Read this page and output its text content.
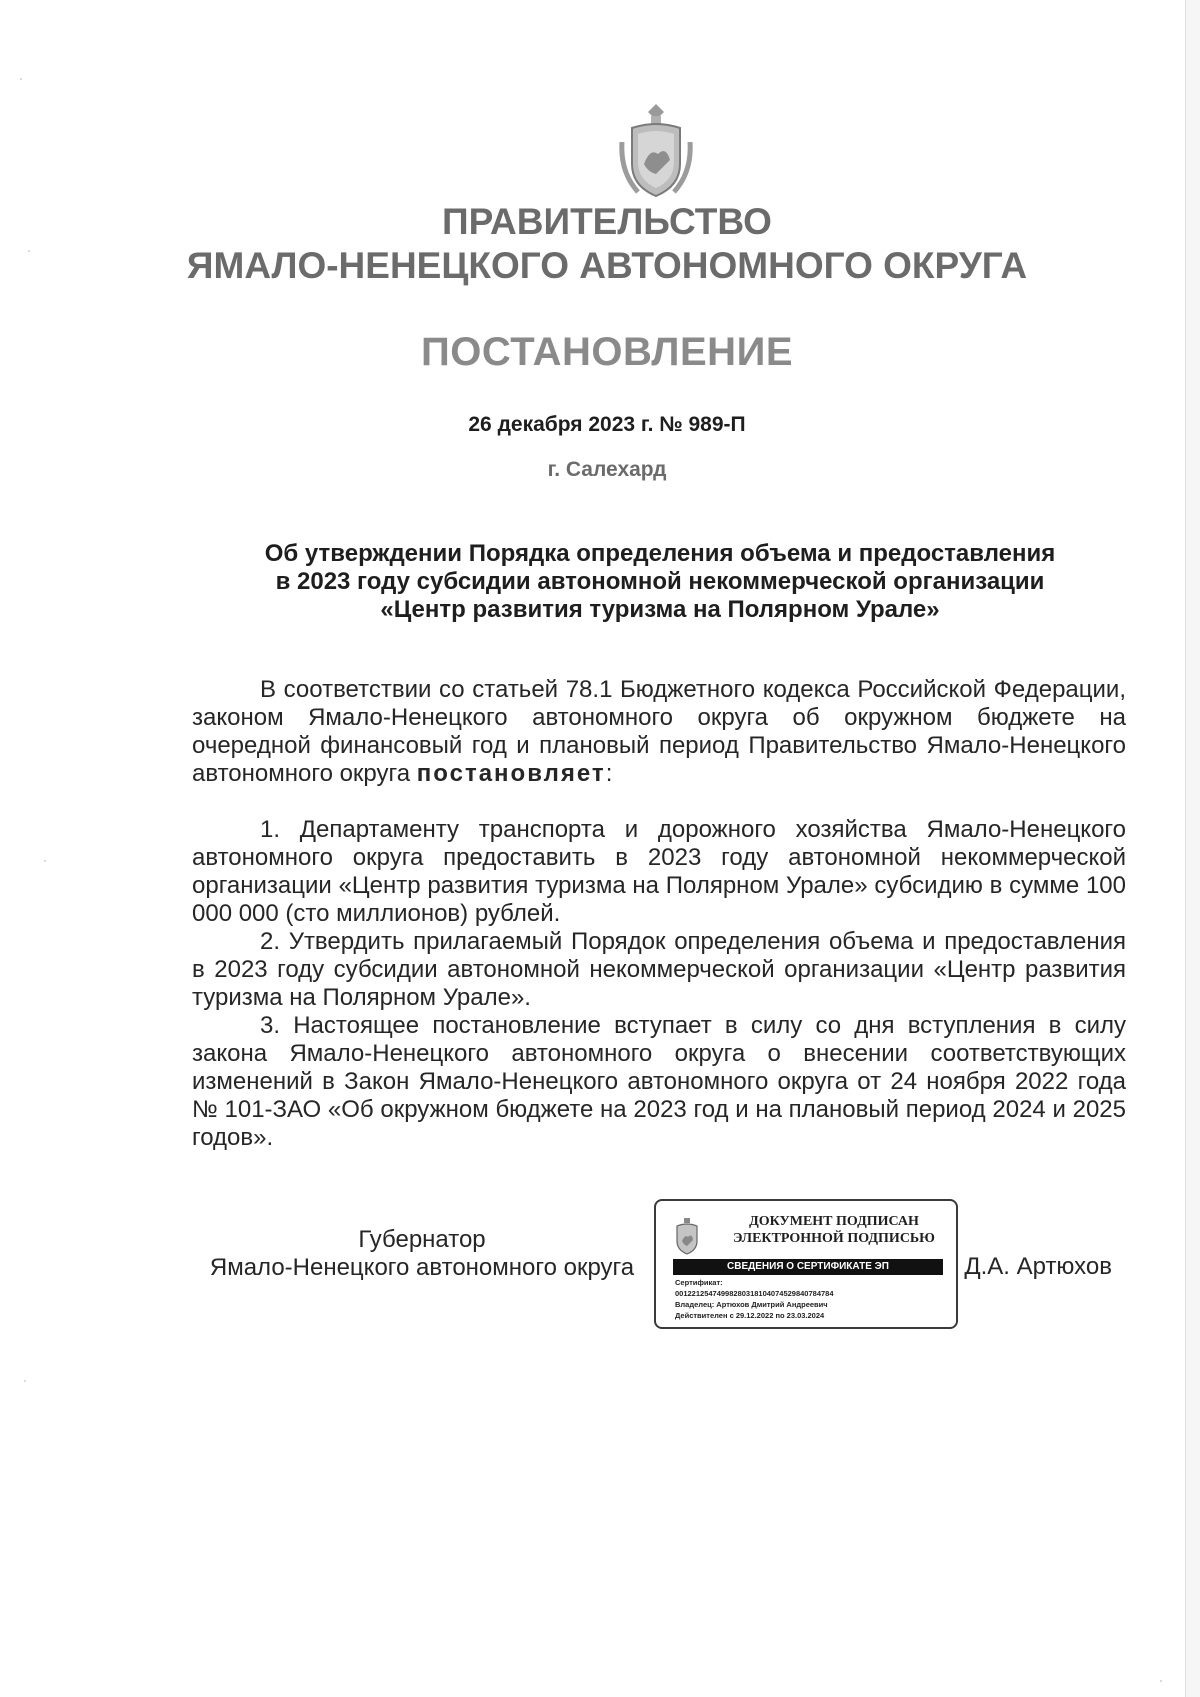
ПРАВИТЕЛЬСТВО
ЯМАЛО-НЕНЕЦКОГО АВТОНОМНОГО ОКРУГА
ПОСТАНОВЛЕНИЕ
26 декабря 2023 г. № 989-П
г. Салехард
Об утверждении Порядка определения объема и предоставления
в 2023 году субсидии автономной некоммерческой организации
«Центр развития туризма на Полярном Урале»

В соответствии со статьей 78.1 Бюджетного кодекса Российской Федерации, законом Ямало-Ненецкого автономного округа об окружном бюджете на очередной финансовый год и плановый период Правительство Ямало-Ненецкого автономного округа постановляет:

1. Департаменту транспорта и дорожного хозяйства Ямало-Ненецкого автономного округа предоставить в 2023 году автономной некоммерческой организации «Центр развития туризма на Полярном Урале» субсидию в сумме 100 000 000 (сто миллионов) рублей.

2. Утвердить прилагаемый Порядок определения объема и предоставления в 2023 году субсидии автономной некоммерческой организации «Центр развития туризма на Полярном Урале».

3. Настоящее постановление вступает в силу со дня вступления в силу закона Ямало-Ненецкого автономного округа о внесении соответствующих изменений в Закон Ямало-Ненецкого автономного округа от 24 ноября 2022 года № 101-ЗАО «Об окружном бюджете на 2023 год и на плановый период 2024 и 2025 годов».

Губернатор
Ямало-Ненецкого автономного округа
ДОКУМЕНТ ПОДПИСАН
ЭЛЕКТРОННОЙ ПОДПИСЬЮ
СВЕДЕНИЯ О СЕРТИФИКАТЕ ЭП
Сертификат:
00122125474998280318104074529840784784
Владелец: Артюхов Дмитрий Андреевич
Действителен с 29.12.2022 по 23.03.2024
Д.А. Артюхов
